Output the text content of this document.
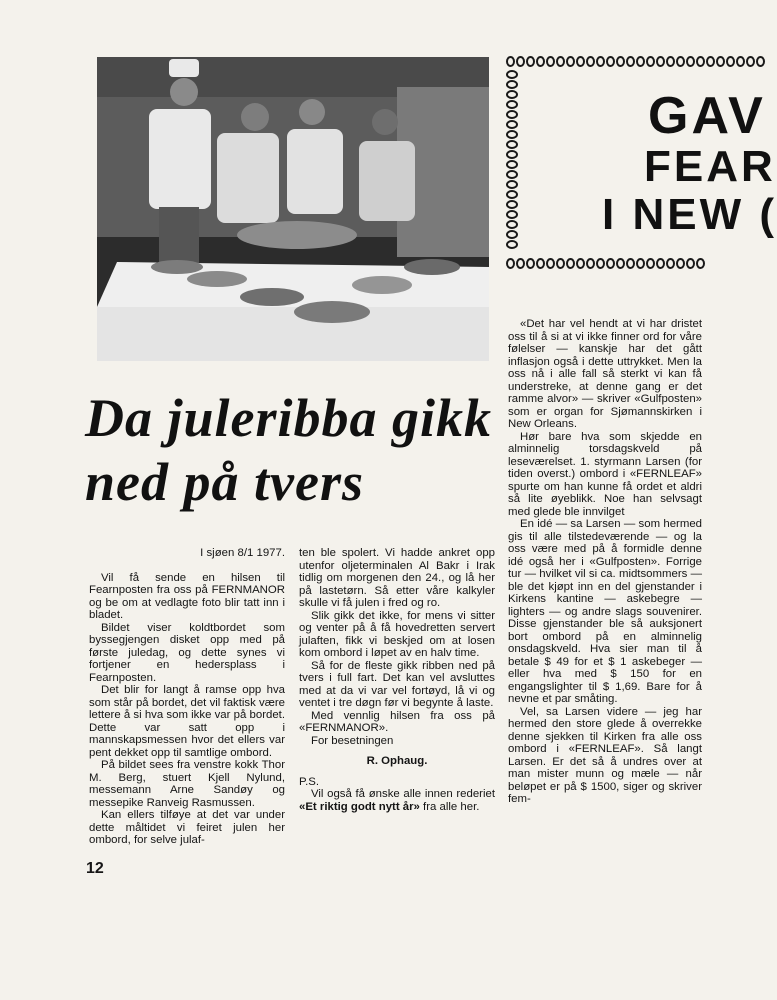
GAV
FEAR
I NEW (
Da juleribba gikk
ned på tvers

I sjøen 8/1 1977.

Vil få sende en hilsen til Fearnposten fra oss på FERNMANOR og be om at vedlagte foto blir tatt inn i bladet.

Bildet viser koldtbordet som byssegjengen disket opp med på første juledag, og dette synes vi fortjener en hedersplass i Fearnposten.

Det blir for langt å ramse opp hva som står på bordet, det vil faktisk være lettere å si hva som ikke var på bordet. Dette var satt opp i mannskapsmessen hvor det ellers var pent dekket opp til samtlige ombord.

På bildet sees fra venstre kokk Thor M. Berg, stuert Kjell Nylund, messemann Arne Sandøy og messepike Ranveig Rasmussen.

Kan ellers tilføye at det var under dette måltidet vi feiret julen her ombord, for selve julaf-

ten ble spolert. Vi hadde ankret opp utenfor oljeterminalen Al Bakr i Irak tidlig om morgenen den 24., og lå her på lastetørn. Så etter våre kalkyler skulle vi få julen i fred og ro.

Slik gikk det ikke, for mens vi sitter og venter på å få hovedretten servert julaften, fikk vi beskjed om at losen kom ombord i løpet av en halv time.

Så for de fleste gikk ribben ned på tvers i full fart. Det kan vel avsluttes med at da vi var vel fortøyd, lå vi og ventet i tre døgn før vi begynte å laste.

Med vennlig hilsen fra oss på «FERNMANOR».

For besetningen

R. Ophaug.

P.S.

Vil også få ønske alle innen rederiet «Et riktig godt nytt år» fra alle her.

«Det har vel hendt at vi har dristet oss til å si at vi ikke finner ord for våre følelser — kanskje har det gått inflasjon også i dette uttrykket. Men la oss nå i alle fall så sterkt vi kan få understreke, at denne gang er det ramme alvor» — skriver «Gulfposten» som er organ for Sjømannskirken i New Orleans.

Hør bare hva som skjedde en alminnelig torsdagskveld på leseværelset. 1. styrmann Larsen (for tiden overst.) ombord i «FERNLEAF» spurte om han kunne få ordet et aldri så lite øyeblikk. Noe han selvsagt med glede ble innvilget

En idé — sa Larsen — som hermed gis til alle tilstedeværende — og la oss være med på å formidle denne idé også her i «Gulfposten». Forrige tur — hvilket vil si ca. midtsommers — ble det kjøpt inn en del gjenstander i Kirkens kantine — askebegre — lighters — og andre slags souvenirer. Disse gjenstander ble så auksjonert bort ombord på en alminnelig onsdagskveld. Hva sier man til å betale $ 49 for et $ 1 askebeger — eller hva med $ 150 for en engangslighter til $ 1,69. Bare for å nevne et par småting.

Vel, sa Larsen videre — jeg har hermed den store glede å overrekke denne sjekken til Kirken fra alle oss ombord i «FERNLEAF». Så langt Larsen. Er det så å undres over at man mister munn og mæle — når beløpet er på $ 1500, siger og skriver fem-

12
